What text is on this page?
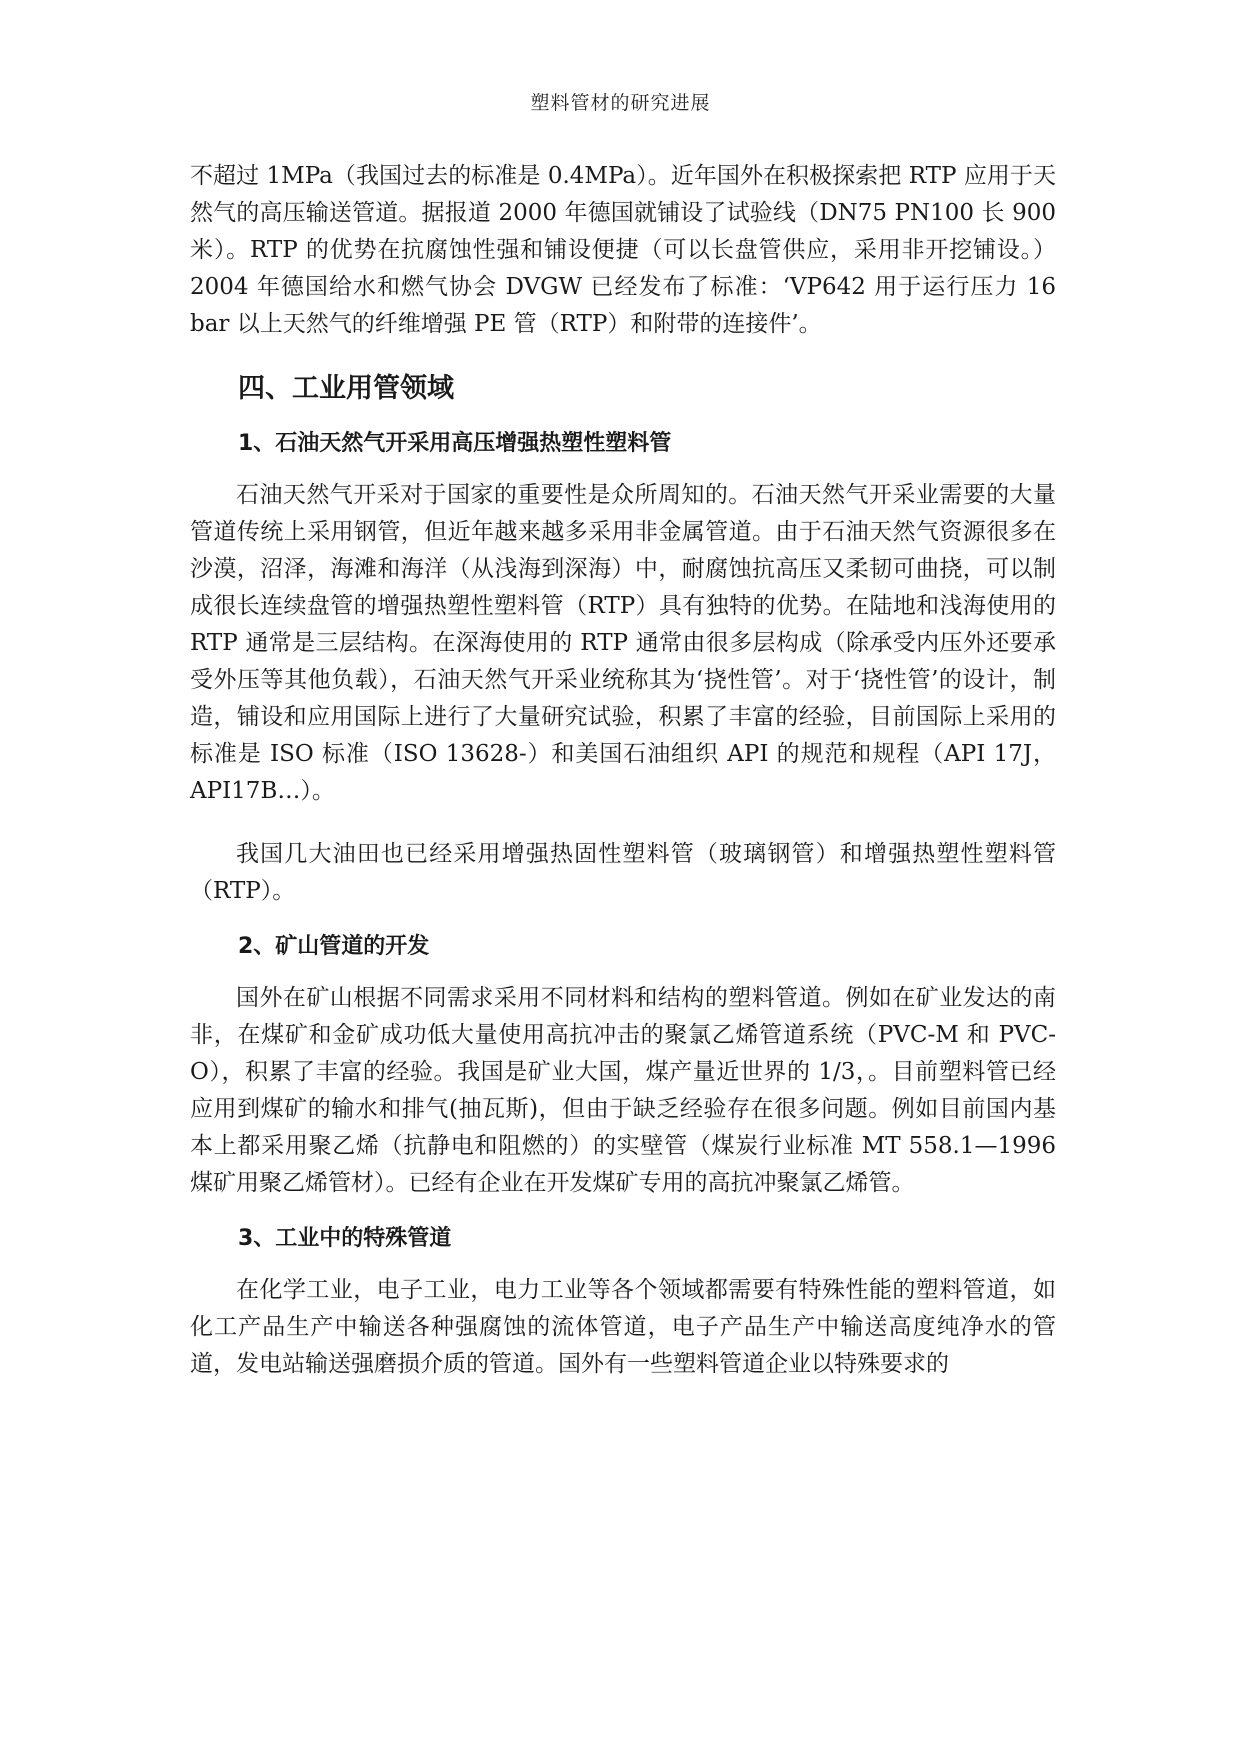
塑料管材的研究进展

不超过 1MPa（我国过去的标准是 0.4MPa）。近年国外在积极探索把 RTP 应用于天然气的高压输送管道。据报道 2000 年德国就铺设了试验线（DN75 PN100 长 900 米）。RTP 的优势在抗腐蚀性强和铺设便捷（可以长盘管供应，采用非开挖铺设。）2004 年德国给水和燃气协会 DVGW 已经发布了标准：‘VP642 用于运行压力 16 bar 以上天然气的纤维增强 PE 管（RTP）和附带的连接件’。

四、工业用管领域
1、石油天然气开采用高压增强热塑性塑料管

石油天然气开采对于国家的重要性是众所周知的。石油天然气开采业需要的大量管道传统上采用钢管，但近年越来越多采用非金属管道。由于石油天然气资源很多在沙漠，沼泽，海滩和海洋（从浅海到深海）中，耐腐蚀抗高压又柔韧可曲挠，可以制成很长连续盘管的增强热塑性塑料管（RTP）具有独特的优势。在陆地和浅海使用的 RTP 通常是三层结构。在深海使用的 RTP 通常由很多层构成（除承受内压外还要承受外压等其他负载），石油天然气开采业统称其为‘挠性管’。对于‘挠性管’的设计，制造，铺设和应用国际上进行了大量研究试验，积累了丰富的经验，目前国际上采用的标准是 ISO 标准（ISO 13628-）和美国石油组织 API 的规范和规程（API 17J，API17B…）。

我国几大油田也已经采用增强热固性塑料管（玻璃钢管）和增强热塑性塑料管（RTP）。

2、矿山管道的开发

国外在矿山根据不同需求采用不同材料和结构的塑料管道。例如在矿业发达的南非，在煤矿和金矿成功低大量使用高抗冲击的聚氯乙烯管道系统（PVC-M 和 PVC-O），积累了丰富的经验。我国是矿业大国，煤产量近世界的 1/3，。目前塑料管已经应用到煤矿的输水和排气(抽瓦斯)，但由于缺乏经验存在很多问题。例如目前国内基本上都采用聚乙烯（抗静电和阻燃的）的实壁管（煤炭行业标准 MT 558.1—1996 煤矿用聚乙烯管材）。已经有企业在开发煤矿专用的高抗冲聚氯乙烯管。

3、工业中的特殊管道

在化学工业，电子工业，电力工业等各个领域都需要有特殊性能的塑料管道，如化工产品生产中输送各种强腐蚀的流体管道，电子产品生产中输送高度纯净水的管道，发电站输送强磨损介质的管道。国外有一些塑料管道企业以特殊要求的
